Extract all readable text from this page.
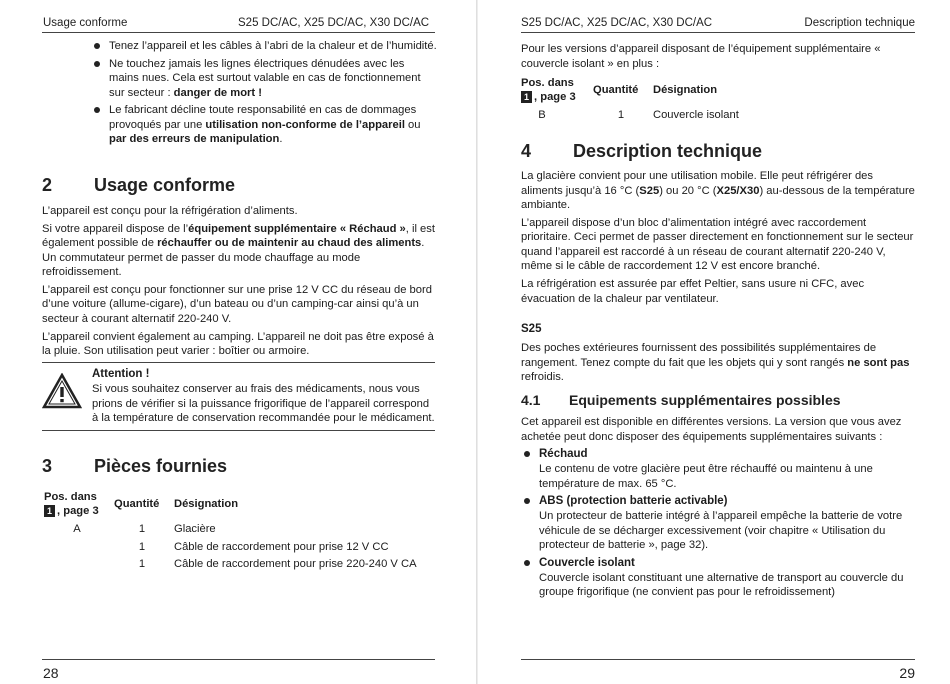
Usage conforme	S25 DC/AC, X25 DC/AC, X30 DC/AC
Tenez l’appareil et les câbles à l’abri de la chaleur et de l’humidité.
Ne touchez jamais les lignes électriques dénudées avec les mains nues. Cela est surtout valable en cas de fonctionnement sur secteur : danger de mort !
Le fabricant décline toute responsabilité en cas de dommages provoqués par une utilisation non-conforme de l’appareil ou par des erreurs de manipulation.
2	Usage conforme

L’appareil est conçu pour la réfrigération d’aliments.

Si votre appareil dispose de l’équipement supplémentaire « Réchaud », il est également possible de réchauffer ou de maintenir au chaud des aliments. Un commutateur permet de passer du mode chauffage au mode refroidissement.

L’appareil est conçu pour fonctionner sur une prise 12 V CC du réseau de bord d’une voiture (allume-cigare), d’un bateau ou d’un camping-car ainsi qu’à un secteur à courant alternatif 220-240 V.

L’appareil convient également au camping. L’appareil ne doit pas être exposé à la pluie. Son utilisation peut varier : boîtier ou armoire.

Attention !
Si vous souhaitez conserver au frais des médicaments, nous vous prions de vérifier si la puissance frigorifique de l’appareil correspond à la température de conservation recommandée pour le médicament.
3	Pièces fournies
Pos. dans
1 , page 3	Quantité	Désignation
A	1	Glacière
	1	Câble de raccordement pour prise 12 V CC
	1	Câble de raccordement pour prise 220-240 V CA
28
S25 DC/AC, X25 DC/AC, X30 DC/AC	Description technique
Pour les versions d’appareil disposant de l’équipement supplémentaire « couvercle isolant » en plus :
Pos. dans
1 , page 3	Quantité	Désignation
B	1	Couvercle isolant
4	Description technique

La glacière convient pour une utilisation mobile. Elle peut réfrigérer des aliments jusqu’à 16 °C (S25) ou 20 °C (X25/X30) au-dessous de la température ambiante.

L’appareil dispose d’un bloc d’alimentation intégré avec raccordement prioritaire. Ceci permet de passer directement en fonctionnement sur le secteur quand l’appareil est raccordé à un réseau de courant alternatif 220-240 V, même si le câble de raccordement 12 V est encore branché.

La réfrigération est assurée par effet Peltier, sans usure ni CFC, avec évacuation de la chaleur par ventilateur.

S25

Des poches extérieures fournissent des possibilités supplémentaires de rangement. Tenez compte du fait que les objets qui y sont rangés ne sont pas refroidis.

4.1	Equipements supplémentaires possibles

Cet appareil est disponible en différentes versions. La version que vous avez achetée peut donc disposer des équipements supplémentaires suivants :

Réchaud
Le contenu de votre glacière peut être réchauffé ou maintenu à une température de max. 65 °C.
ABS (protection batterie activable)
Un protecteur de batterie intégré à l’appareil empêche la batterie de votre véhicule de se décharger excessivement (voir chapitre « Utilisation du protecteur de batterie », page 32).
Couvercle isolant
Couvercle isolant constituant une alternative de transport au couvercle du groupe frigorifique (ne convient pas pour le refroidissement)
29
